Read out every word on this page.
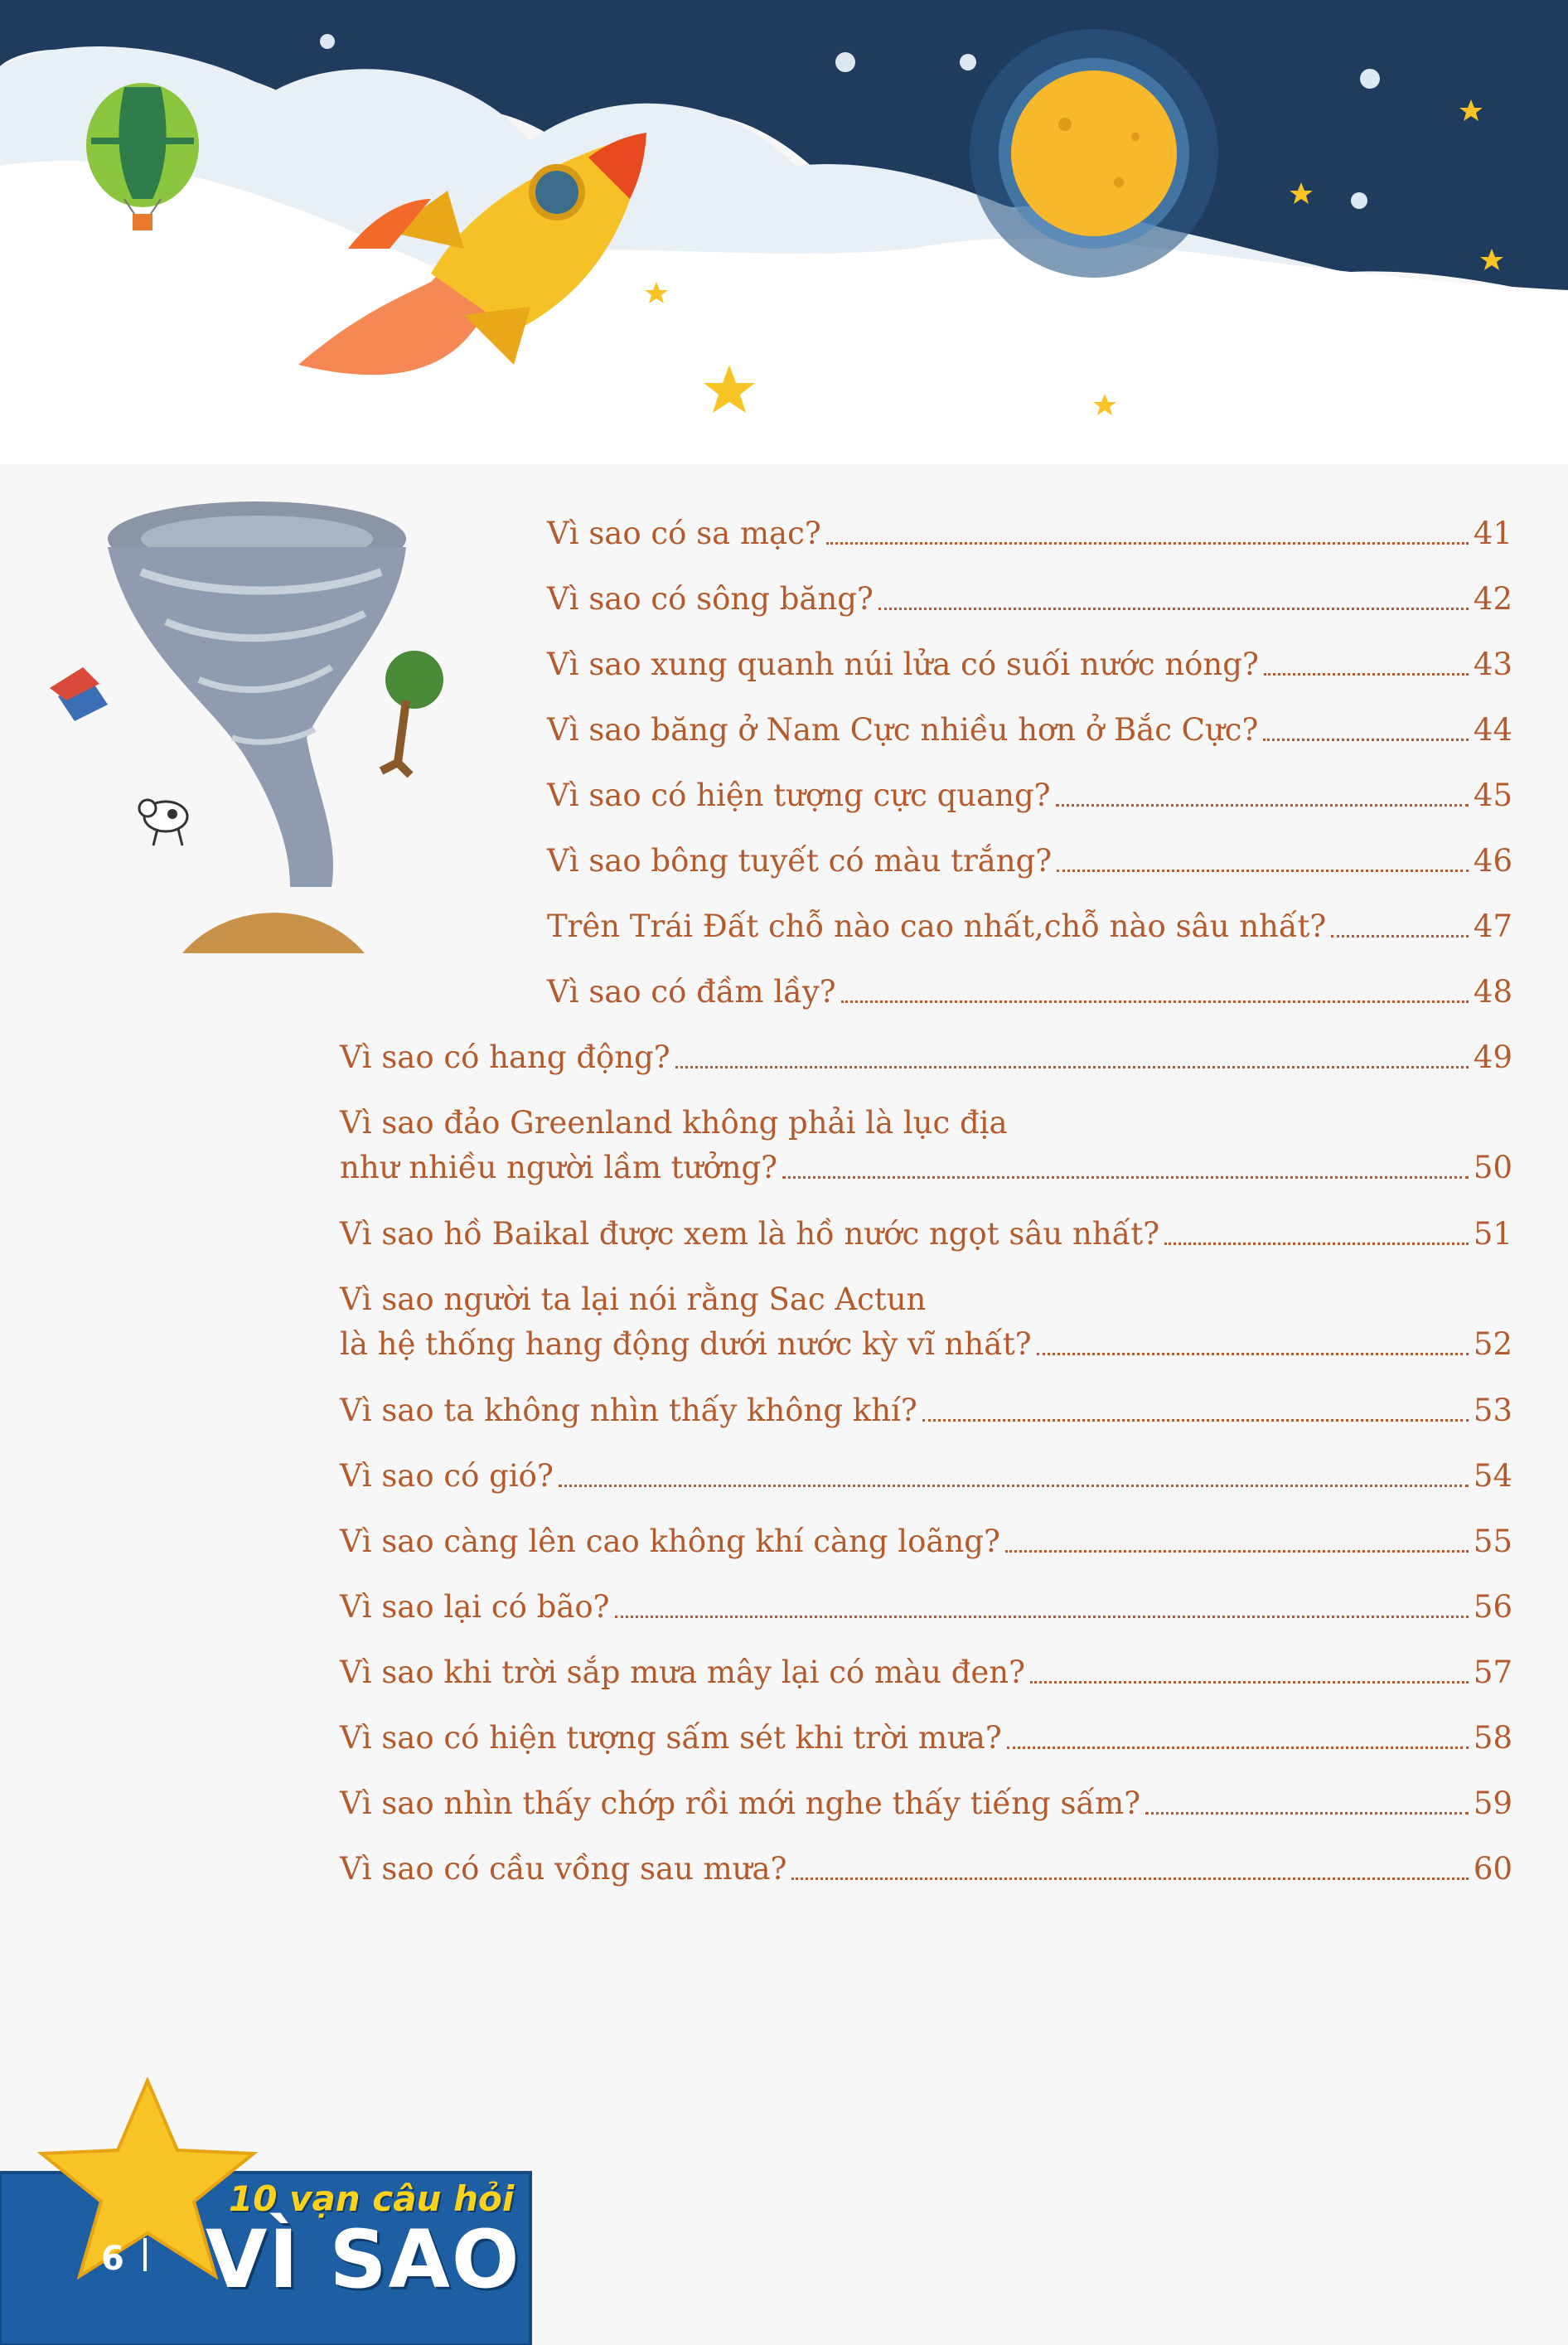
Vì sao có sa mạc?	41
Vì sao có sông băng?	42
Vì sao xung quanh núi lửa có suối nước nóng?	43
Vì sao băng ở Nam Cực nhiều hơn ở Bắc Cực?	44
Vì sao có hiện tượng cực quang?	45
Vì sao bông tuyết có màu trắng?	46
Trên Trái Đất chỗ nào cao nhất,chỗ nào sâu nhất?	47
Vì sao có đầm lầy?	48
Vì sao có hang động?	49
Vì sao đảo Greenland không phải là lục địa
như nhiều người lầm tưởng?	50
Vì sao hồ Baikal được xem là hồ nước ngọt sâu nhất?	51
Vì sao người ta lại nói rằng Sac Actun
là hệ thống hang động dưới nước kỳ vĩ nhất?	52
Vì sao ta không nhìn thấy không khí?	53
Vì sao có gió?	54
Vì sao càng lên cao không khí càng loãng?	55
Vì sao lại có bão?	56
Vì sao khi trời sắp mưa mây lại có màu đen?	57
Vì sao có hiện tượng sấm sét khi trời mưa?	58
Vì sao nhìn thấy chớp rồi mới nghe thấy tiếng sấm?	59
Vì sao có cầu vồng sau mưa?	60
6
10 vạn câu hỏi
VÌ SAO
